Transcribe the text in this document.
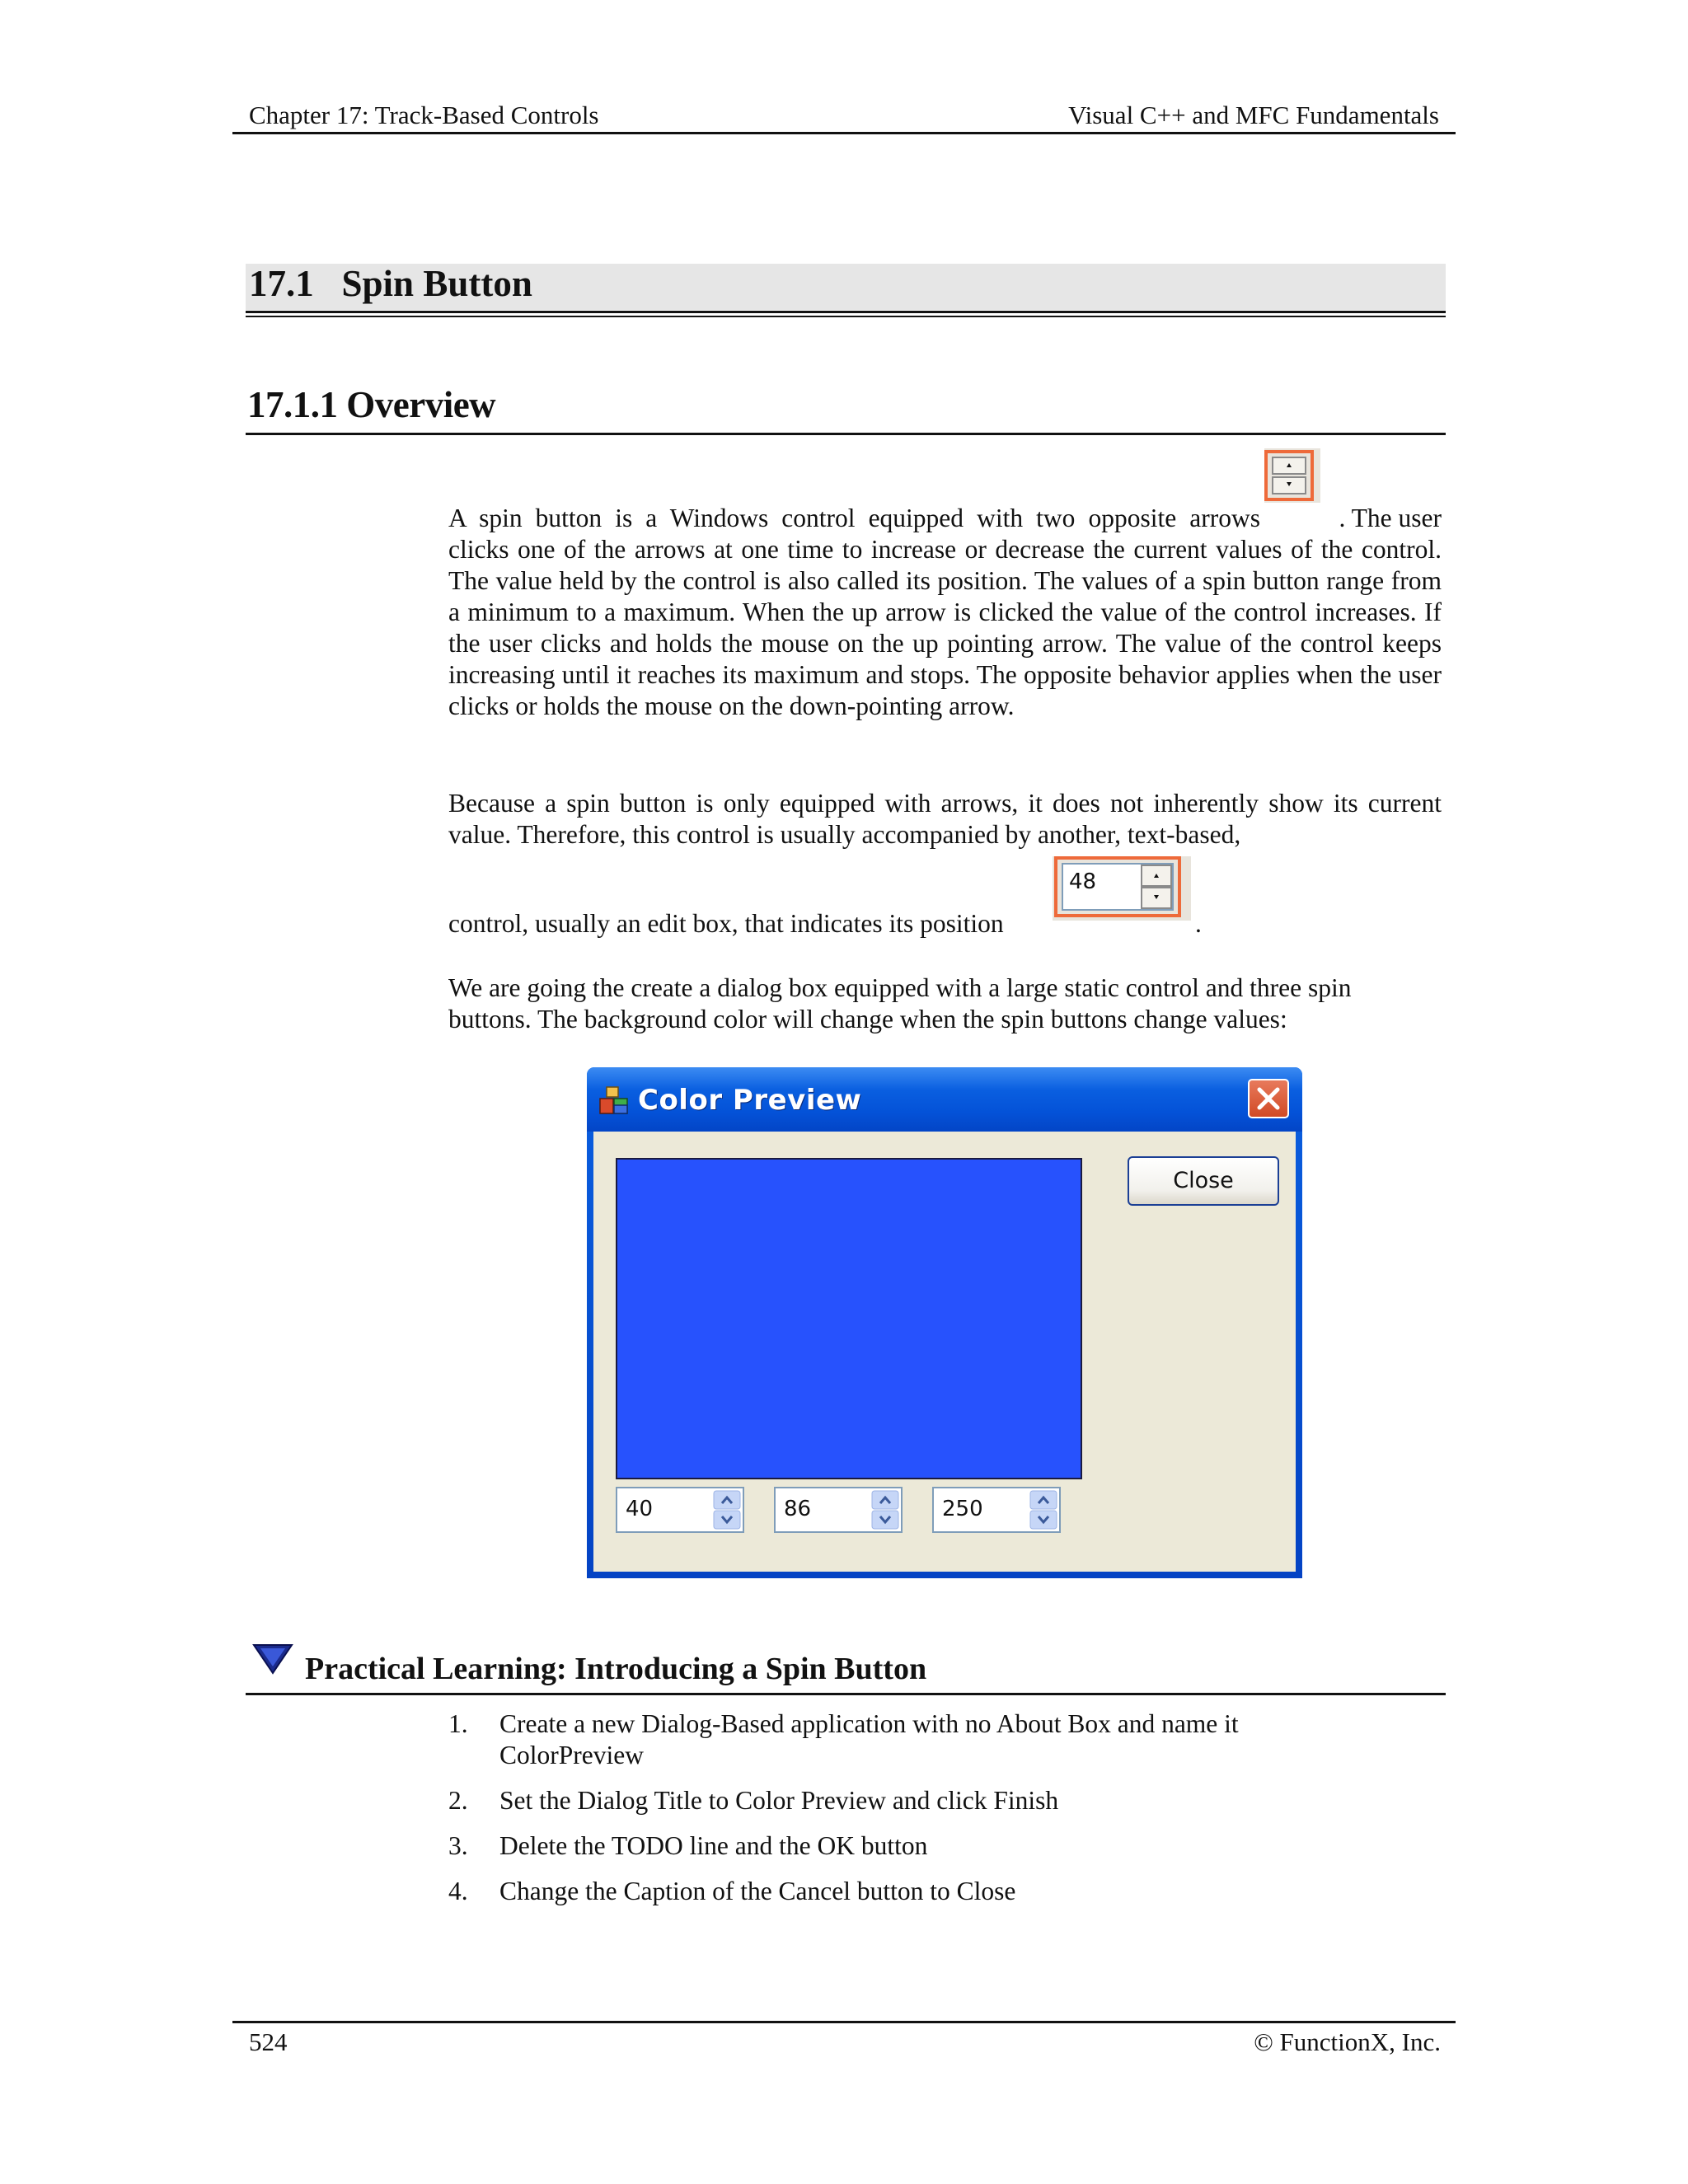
Chapter 17: Track-Based Controls	Visual C++ and MFC Fundamentals
17.1 Spin Button
17.1.1 Overview
A spin button is a Windows control equipped with two opposite arrows	. The user
clicks one of the arrows at one time to increase or decrease the current values of the control. The value held by the control is also called its position. The values of a spin button range from a minimum to a maximum. When the up arrow is clicked the value of the control increases. If the user clicks and holds the mouse on the up pointing arrow. The value of the control keeps increasing until it reaches its maximum and stops. The opposite behavior applies when the user clicks or holds the mouse on the down-pointing arrow.
Because a spin button is only equipped with arrows, it does not inherently show its current value. Therefore, this control is usually accompanied by another, text-based,
48
control, usually an edit box, that indicates its position	.
We are going the create a dialog box equipped with a large static control and three spin buttons. The background color will change when the spin buttons change values:
Color Preview
Close
40	86	250
Practical Learning: Introducing a Spin Button
1. Create a new Dialog-Based application with no About Box and name it
ColorPreview
2. Set the Dialog Title to Color Preview and click Finish
3. Delete the TODO line and the OK button
4. Change the Caption of the Cancel button to Close
524	© FunctionX, Inc.
